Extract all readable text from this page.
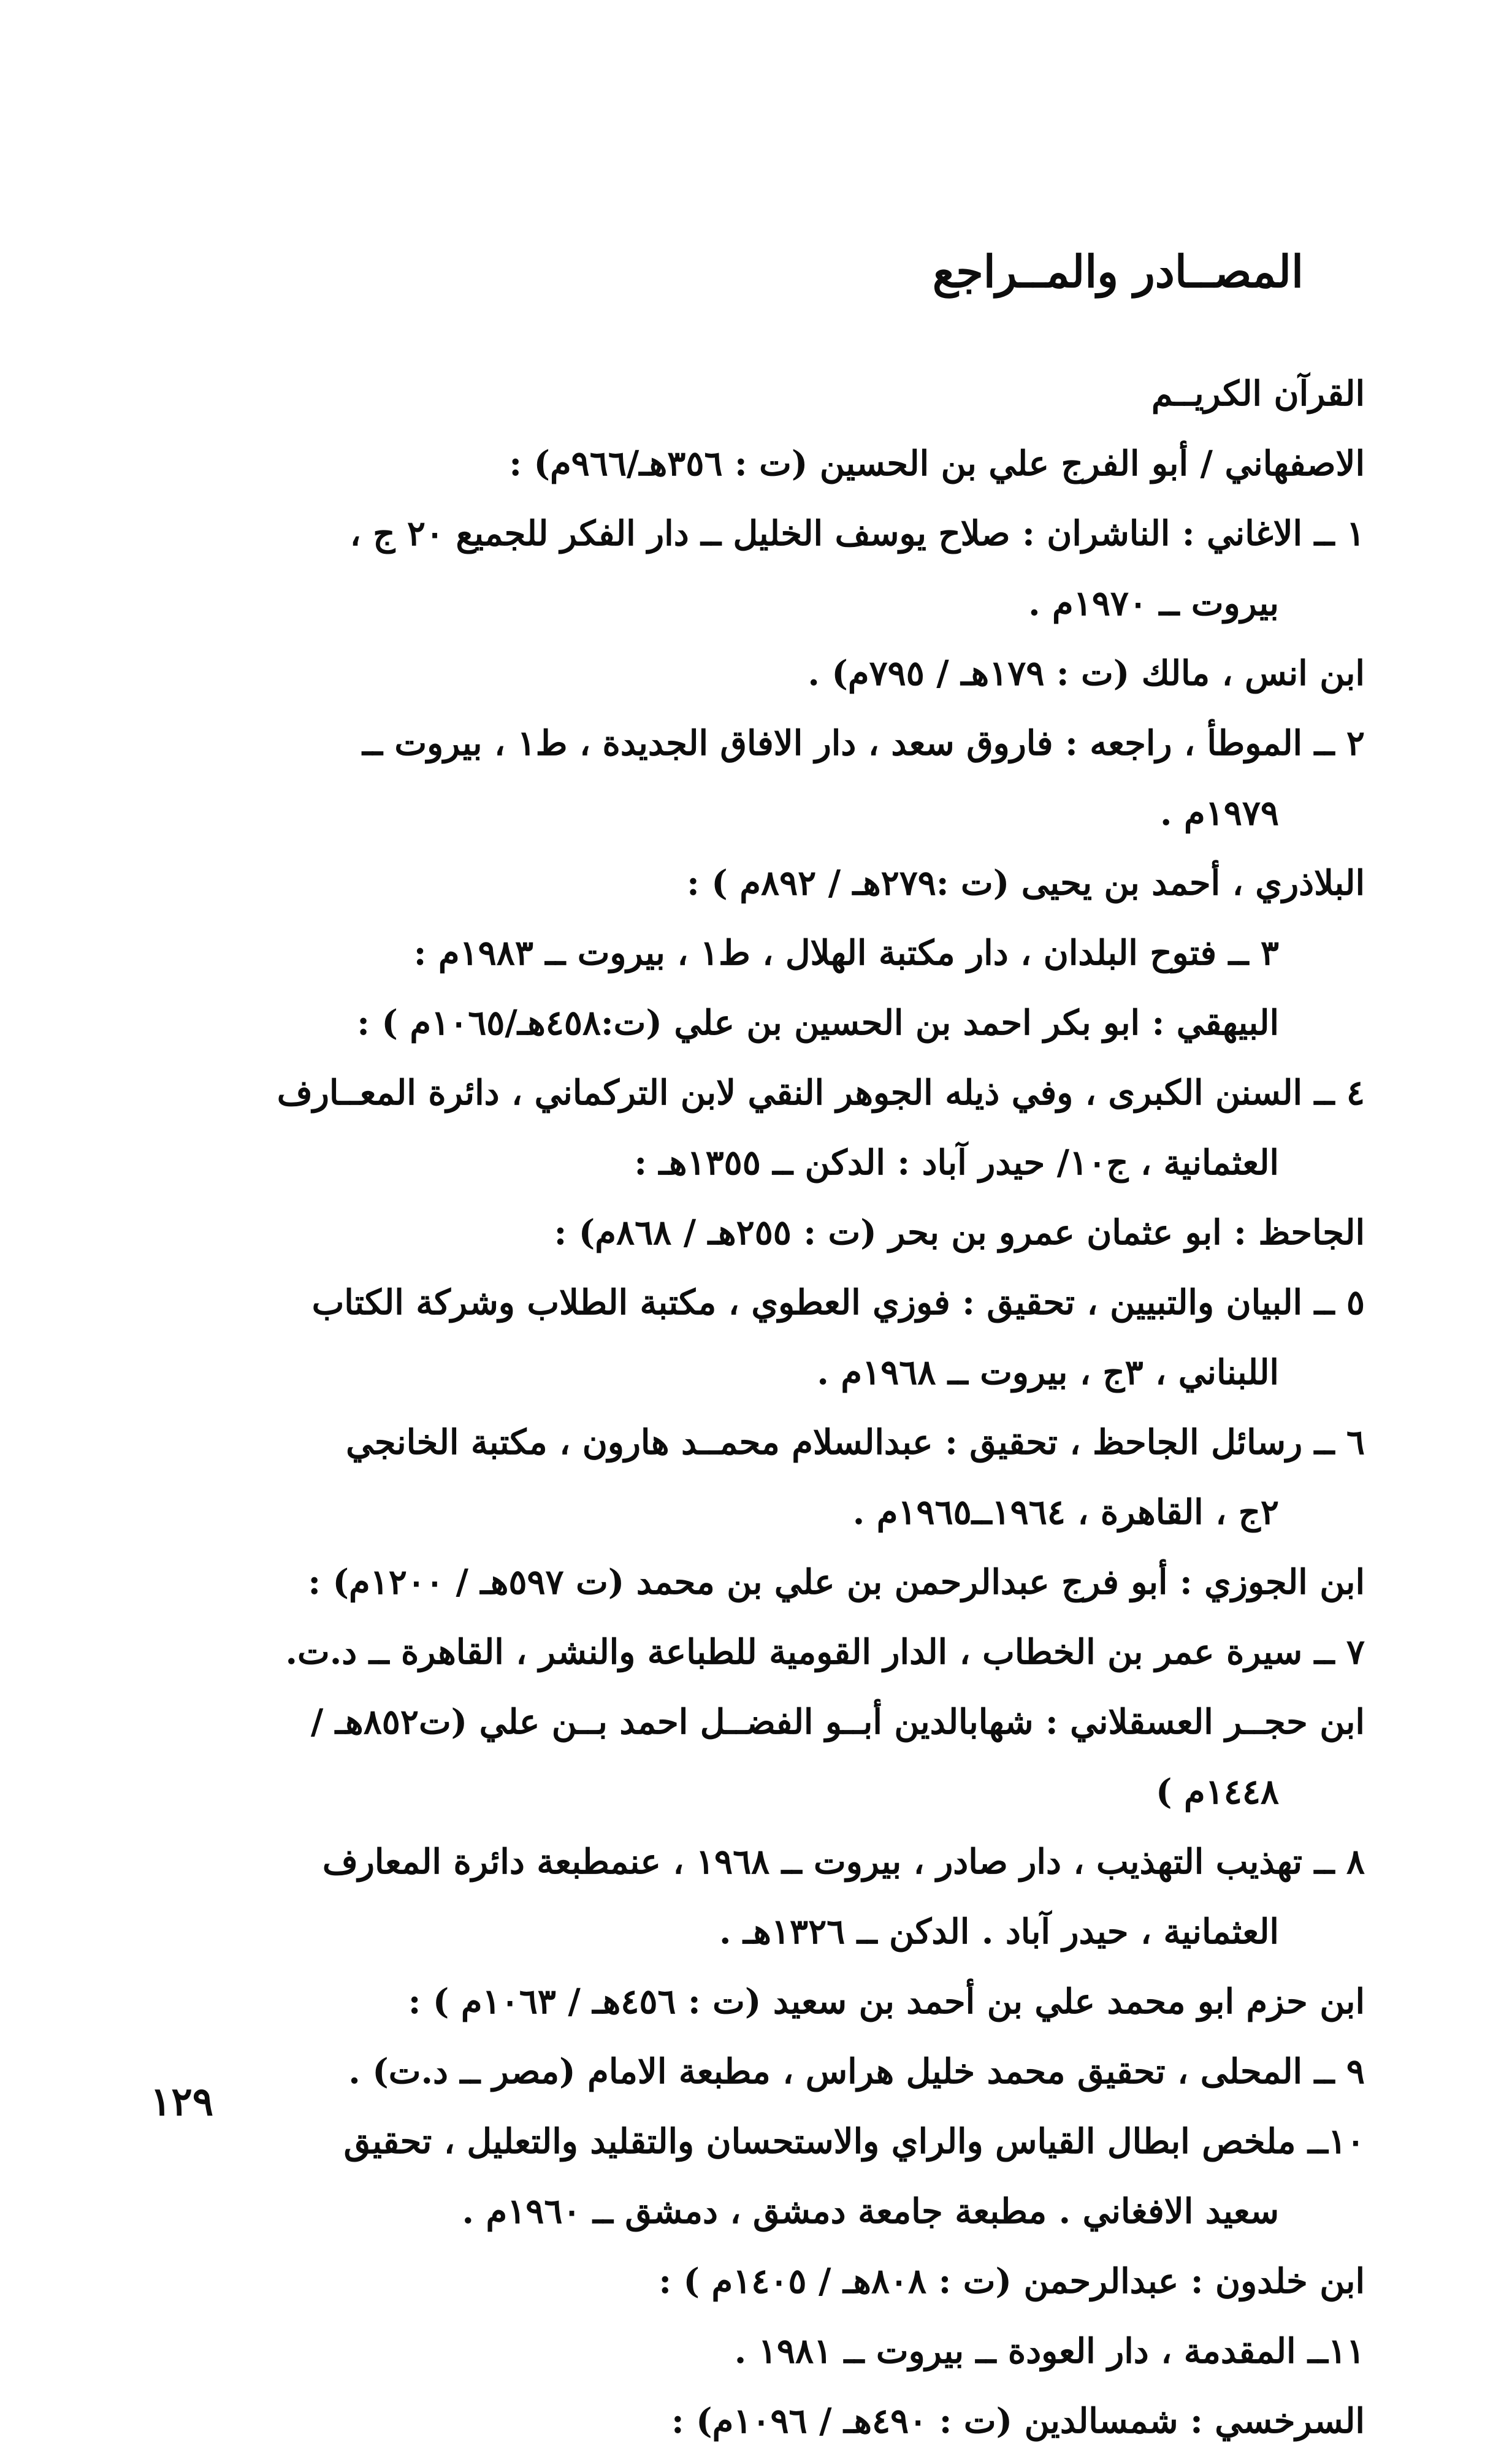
المصــادر والمــراجع
القرآن الكريــم
الاصفهاني / أبو الفرج علي بن الحسين (ت : ٣٥٦هـ/٩٦٦م) :
١ ــ الاغاني : الناشران : صلاح يوسف الخليل ــ دار الفكر للجميع ٢٠ ج ،
بيروت ــ ١٩٧٠م .
ابن انس ، مالك (ت : ١٧٩هـ / ٧٩٥م) .
٢ ــ الموطأ ، راجعه : فاروق سعد ، دار الافاق الجديدة ، ط١ ، بيروت ــ
١٩٧٩م .
البلاذري ، أحمد بن يحيى (ت :٢٧٩هـ / ٨٩٢م ) :
٣ ــ فتوح البلدان ، دار مكتبة الهلال ، ط١ ، بيروت ــ ١٩٨٣م :
البيهقي : ابو بكر احمد بن الحسين بن علي (ت:٤٥٨هـ/١٠٦٥م ) :
٤ ــ السنن الكبرى ، وفي ذيله الجوهر النقي لابن التركماني ، دائرة المعــارف
العثمانية ، ج١٠/ حيدر آباد : الدكن ــ ١٣٥٥هـ :
الجاحظ : ابو عثمان عمرو بن بحر (ت : ٢٥٥هـ / ٨٦٨م) :
٥ ــ البيان والتبيين ، تحقيق : فوزي العطوي ، مكتبة الطلاب وشركة الكتاب
اللبناني ، ٣ج ، بيروت ــ ١٩٦٨م .
٦ ــ رسائل الجاحظ ، تحقيق : عبدالسلام محمــد هارون ، مكتبة الخانجي
٢ج ، القاهرة ، ١٩٦٤ــ١٩٦٥م .
ابن الجوزي : أبو فرج عبدالرحمن بن علي بن محمد (ت ٥٩٧هـ / ١٢٠٠م) :
٧ ــ سيرة عمر بن الخطاب ، الدار القومية للطباعة والنشر ، القاهرة ــ د.ت.
ابن حجــر العسقلاني : شهابالدين أبــو الفضــل احمد بــن علي (ت٨٥٢هـ /
١٤٤٨م )
٨ ــ تهذيب التهذيب ، دار صادر ، بيروت ــ ١٩٦٨ ، عنمطبعة دائرة المعارف
العثمانية ، حيدر آباد . الدكن ــ ١٣٢٦هـ .
ابن حزم ابو محمد علي بن أحمد بن سعيد (ت : ٤٥٦هـ / ١٠٦٣م ) :
٩ ــ المحلى ، تحقيق محمد خليل هراس ، مطبعة الامام (مصر ــ د.ت) .
١٠ــ ملخص ابطال القياس والراي والاستحسان والتقليد والتعليل ، تحقيق
سعيد الافغاني . مطبعة جامعة دمشق ، دمشق ــ ١٩٦٠م .
ابن خلدون : عبدالرحمن (ت : ٨٠٨هـ / ١٤٠٥م ) :
١١ــ المقدمة ، دار العودة ــ بيروت ــ ١٩٨١ .
السرخسي : شمسالدين (ت : ٤٩٠هـ / ١٠٩٦م) :
١٢٩
